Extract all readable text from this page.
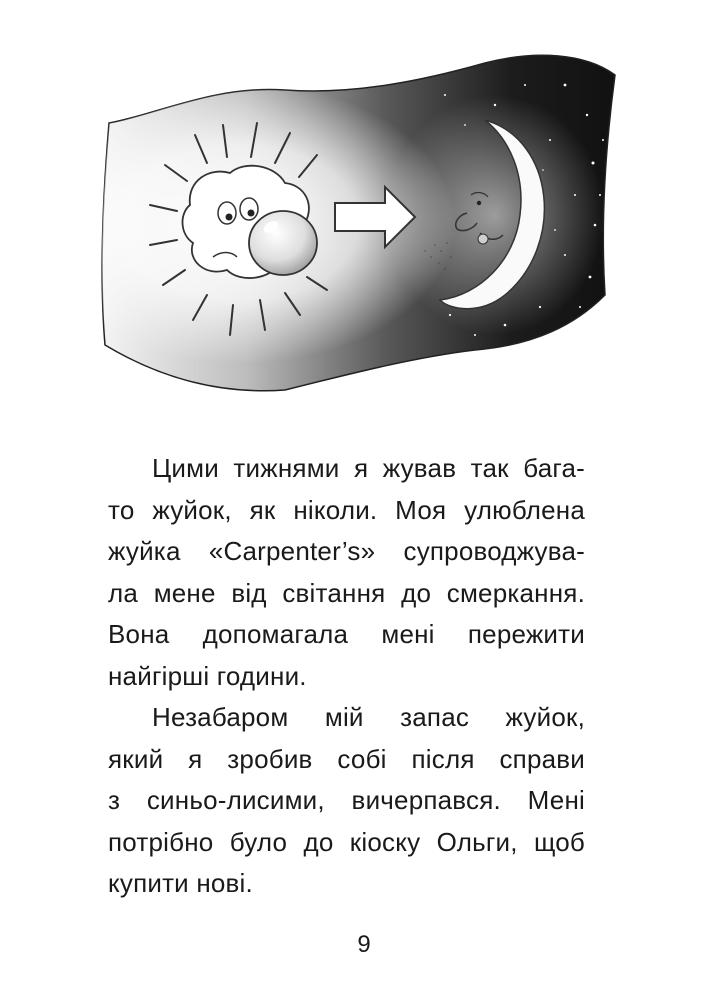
Цими тижнями я жував так бага-
то жуйок, як ніколи. Моя улюблена
жуйка «Carpenter’s» супроводжува-
ла мене від світання до смеркання.
Вона допомагала мені пережити
найгірші години.
Незабаром мій запас жуйок,
який я зробив собі після справи
з синьо-лисими, вичерпався. Мені
потрібно було до кіоску Ольги, щоб
купити нові.
9
